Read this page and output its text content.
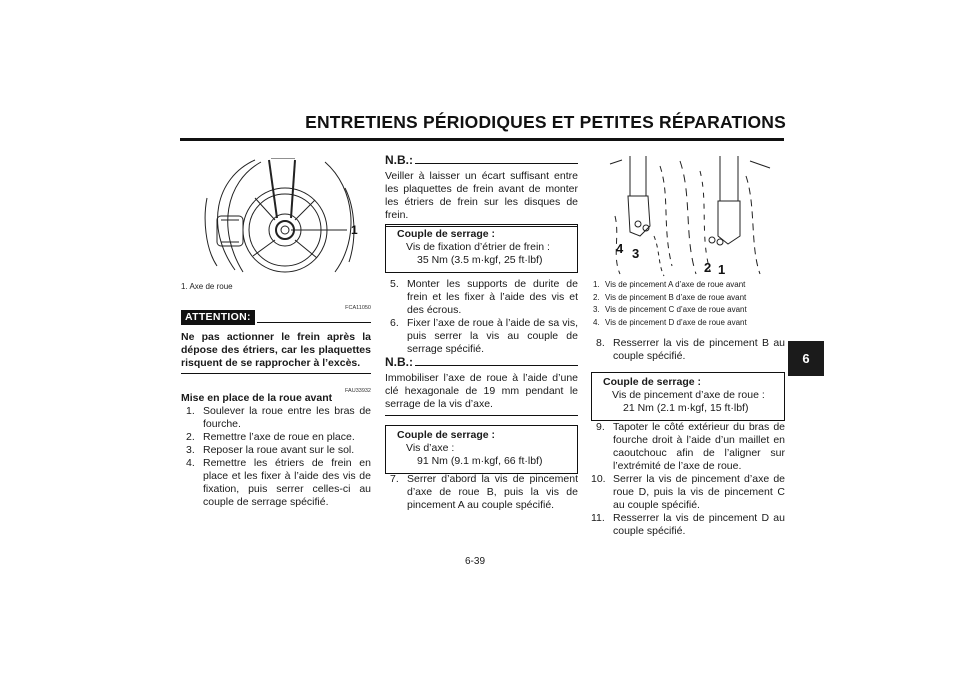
ENTRETIENS PÉRIODIQUES ET PETITES RÉPARATIONS
6
1
1. Axe de roue
FCA11050
ATTENTION:
Ne pas actionner le frein après la dépose des étriers, car les plaquettes risquent de se rapprocher à l’excès.
FAU33932
Mise en place de la roue avant
1. Soulever la roue entre les bras de fourche.
2. Remettre l’axe de roue en place.
3. Reposer la roue avant sur le sol.
4. Remettre les étriers de frein en place et les fixer à l’aide des vis de fixation, puis serrer celles-ci au couple de serrage spécifié.
N.B.:
Veiller à laisser un écart suffisant entre les plaquettes de frein avant de monter les étriers de frein sur les disques de frein.
Couple de serrage :
Vis de fixation d’étrier de frein :
35 Nm (3.5 m·kgf, 25 ft·lbf)
5. Monter les supports de durite de frein et les fixer à l’aide des vis et des écrous.
6. Fixer l’axe de roue à l’aide de sa vis, puis serrer la vis au couple de serrage spécifié.
N.B.:
Immobiliser l’axe de roue à l’aide d’une clé hexagonale de 19 mm pendant le serrage de la vis d’axe.
Couple de serrage :
Vis d’axe :
91 Nm (9.1 m·kgf, 66 ft·lbf)
7. Serrer d’abord la vis de pincement d’axe de roue B, puis la vis de pincement A au couple spécifié.
4 3
2 1
1. Vis de pincement A d’axe de roue avant
2. Vis de pincement B d’axe de roue avant
3. Vis de pincement C d’axe de roue avant
4. Vis de pincement D d’axe de roue avant
8. Resserrer la vis de pincement B au couple spécifié.
Couple de serrage :
Vis de pincement d’axe de roue :
21 Nm (2.1 m·kgf, 15 ft·lbf)
9. Tapoter le côté extérieur du bras de fourche droit à l’aide d’un maillet en caoutchouc afin de l’aligner sur l’extrémité de l’axe de roue.
10. Serrer la vis de pincement d’axe de roue D, puis la vis de pincement C au couple spécifié.
11. Resserrer la vis de pincement D au couple spécifié.
6-39
